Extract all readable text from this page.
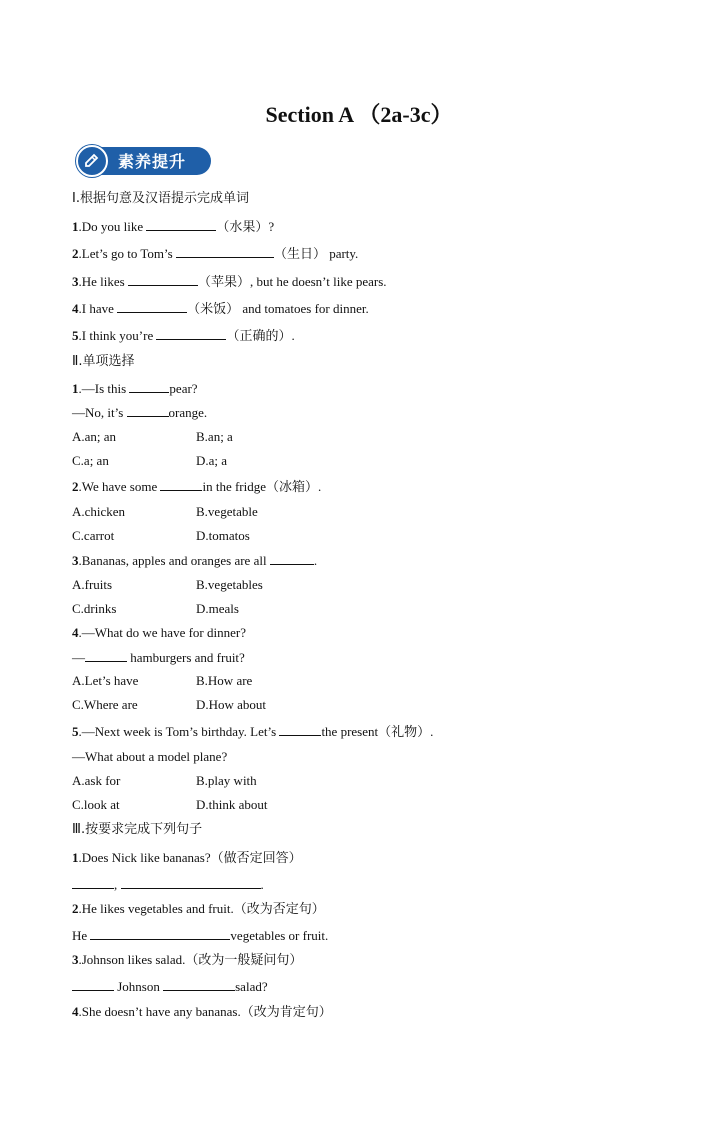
Section A （2a-3c）
素养提升
Ⅰ.根据句意及汉语提示完成单词
1.Do you like	（水果）?
2.Let’s go to Tom’s	（生日） party.
3.He likes	（苹果）, but he doesn’t like pears.
4.I have	（米饭） and tomatoes for dinner.
5.I think you’re	（正确的）.
Ⅱ.单项选择
1.—Is this	pear?
—No, it’s	orange.
A.an; an	B.an; a
C.a; an	D.a; a
2.We have some	in the fridge（冰箱）.
A.chicken	B.vegetable
C.carrot	D.tomatos
3.Bananas, apples and oranges are all	.
A.fruits	B.vegetables
C.drinks	D.meals
4.—What do we have for dinner?
—	hamburgers and fruit?
A.Let’s have	B.How are
C.Where are	D.How about
5.—Next week is Tom’s birthday. Let’s	the present（礼物）.
—What about a model plane?
A.ask for	B.play with
C.look at	D.think about
Ⅲ.按要求完成下列句子
1.Does Nick like bananas?（做否定回答）
,	.
2.He likes vegetables and fruit.（改为否定句）
He	vegetables or fruit.
3.Johnson likes salad.（改为一般疑问句）
Johnson	salad?
4.She doesn’t have any bananas.（改为肯定句）
